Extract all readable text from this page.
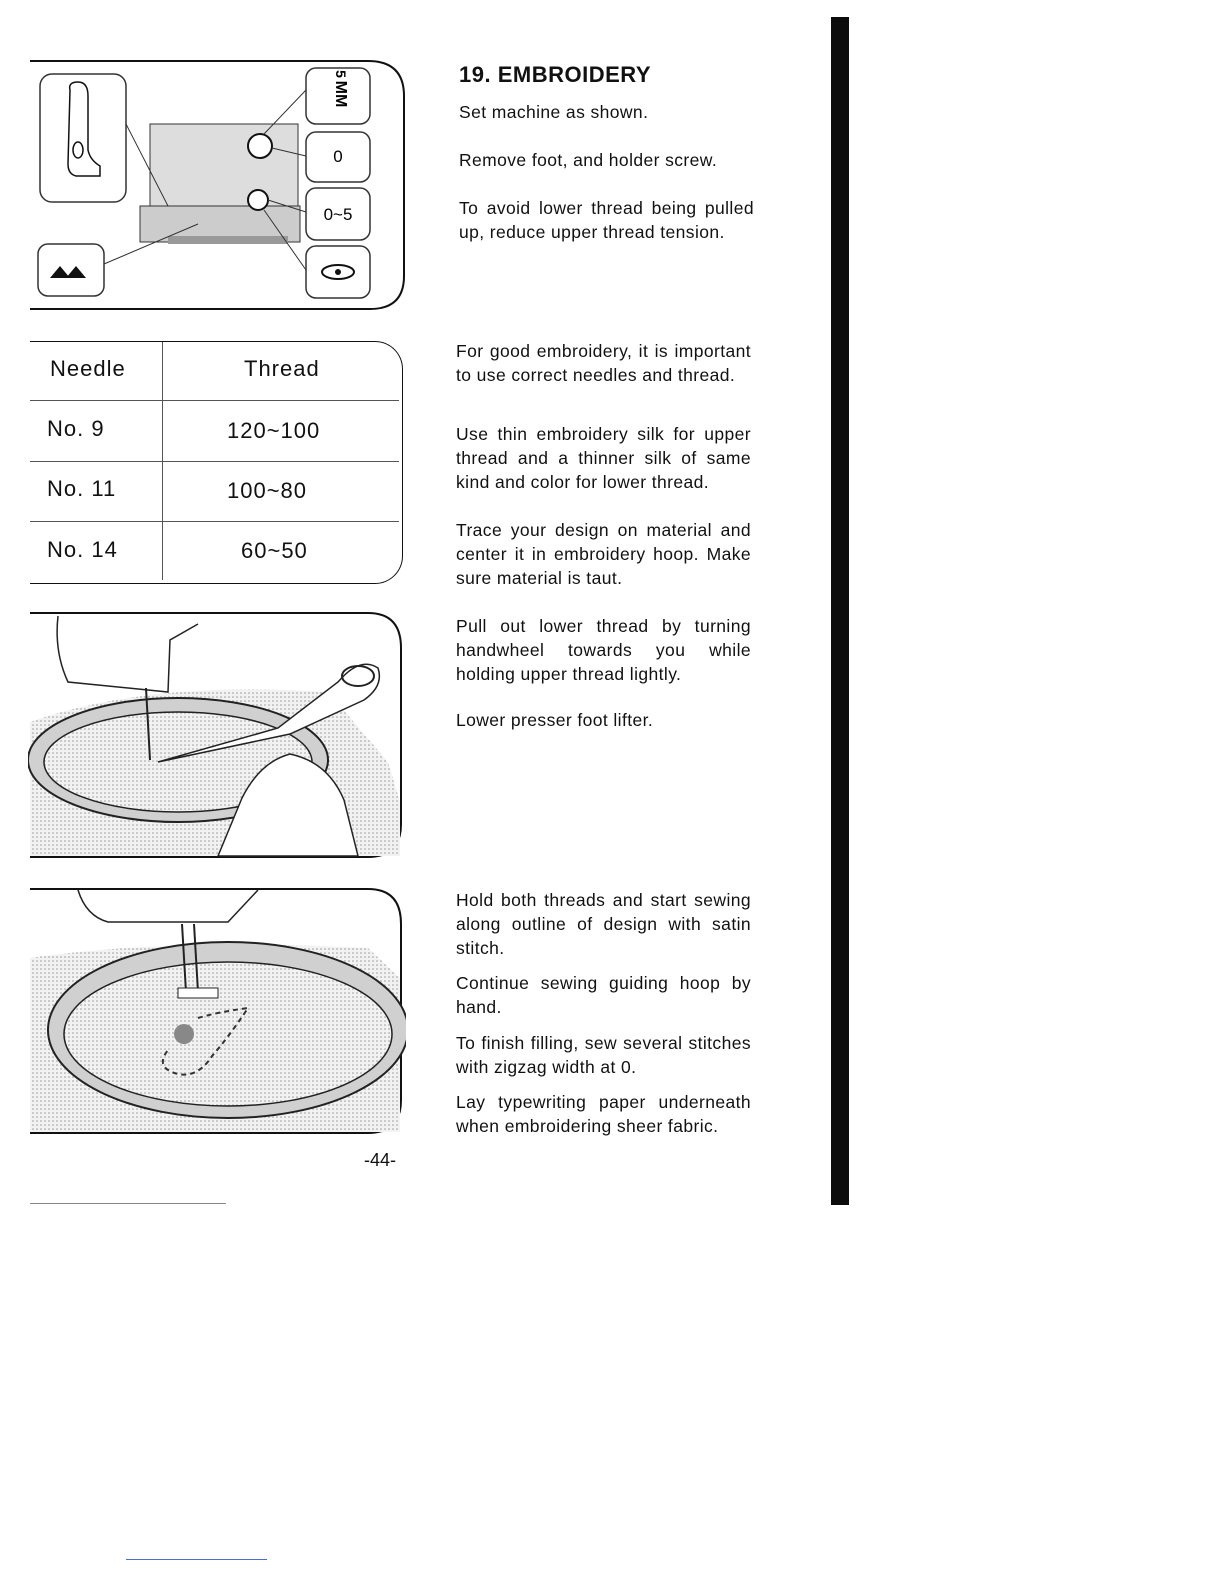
0
0~5
MM
5
Needle	Thread
No. 9	120~100
No. 11	100~80
No. 14	60~50
19. EMBROIDERY
Set machine as shown.
Remove foot, and holder screw.
To avoid lower thread being pulled up, reduce upper thread tension.
For good embroidery, it is important to use correct needles and thread.
Use thin embroidery silk for upper thread and a thinner silk of same kind and color for lower thread.
Trace your design on material and center it in embroidery hoop. Make sure material is taut.
Pull out lower thread by turning handwheel towards you while holding upper thread lightly.
Lower presser foot lifter.
Hold both threads and start sewing along outline of design with satin stitch.
Continue sewing guiding hoop by hand.
To finish filling, sew several stitches with zigzag width at 0.
Lay typewriting paper underneath when embroidering sheer fabric.
-44-
